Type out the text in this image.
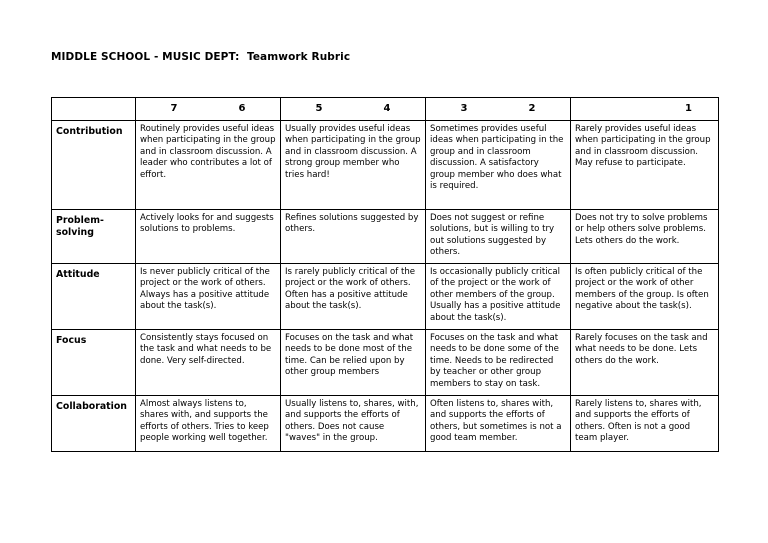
MIDDLE SCHOOL - MUSIC DEPT: Teamwork Rubric

	7 6	5 4	3 2	1

Contribution	Routinely provides useful ideas when participating in the group and in classroom discussion. A leader who contributes a lot of effort.	Usually provides useful ideas when participating in the group and in classroom discussion. A strong group member who tries hard!	Sometimes provides useful ideas when participating in the group and in classroom discussion. A satisfactory group member who does what is required.	Rarely provides useful ideas when participating in the group and in classroom discussion. May refuse to participate.
Problem-solving	Actively looks for and suggests solutions to problems.	Refines solutions suggested by others.	Does not suggest or refine solutions, but is willing to try out solutions suggested by others.	Does not try to solve problems or help others solve problems. Lets others do the work.
Attitude	Is never publicly critical of the project or the work of others. Always has a positive attitude about the task(s).	Is rarely publicly critical of the project or the work of others. Often has a positive attitude about the task(s).	Is occasionally publicly critical of the project or the work of other members of the group. Usually has a positive attitude about the task(s).	Is often publicly critical of the project or the work of other members of the group. Is often negative about the task(s).
Focus	Consistently stays focused on the task and what needs to be done. Very self-directed.	Focuses on the task and what needs to be done most of the time. Can be relied upon by other group members	Focuses on the task and what needs to be done some of the time. Needs to be redirected by teacher or other group members to stay on task.	Rarely focuses on the task and what needs to be done. Lets others do the work.
Collaboration	Almost always listens to, shares with, and supports the efforts of others. Tries to keep people working well together.	Usually listens to, shares, with, and supports the efforts of others. Does not cause "waves" in the group.	Often listens to, shares with, and supports the efforts of others, but sometimes is not a good team member.	Rarely listens to, shares with, and supports the efforts of others. Often is not a good team player.
